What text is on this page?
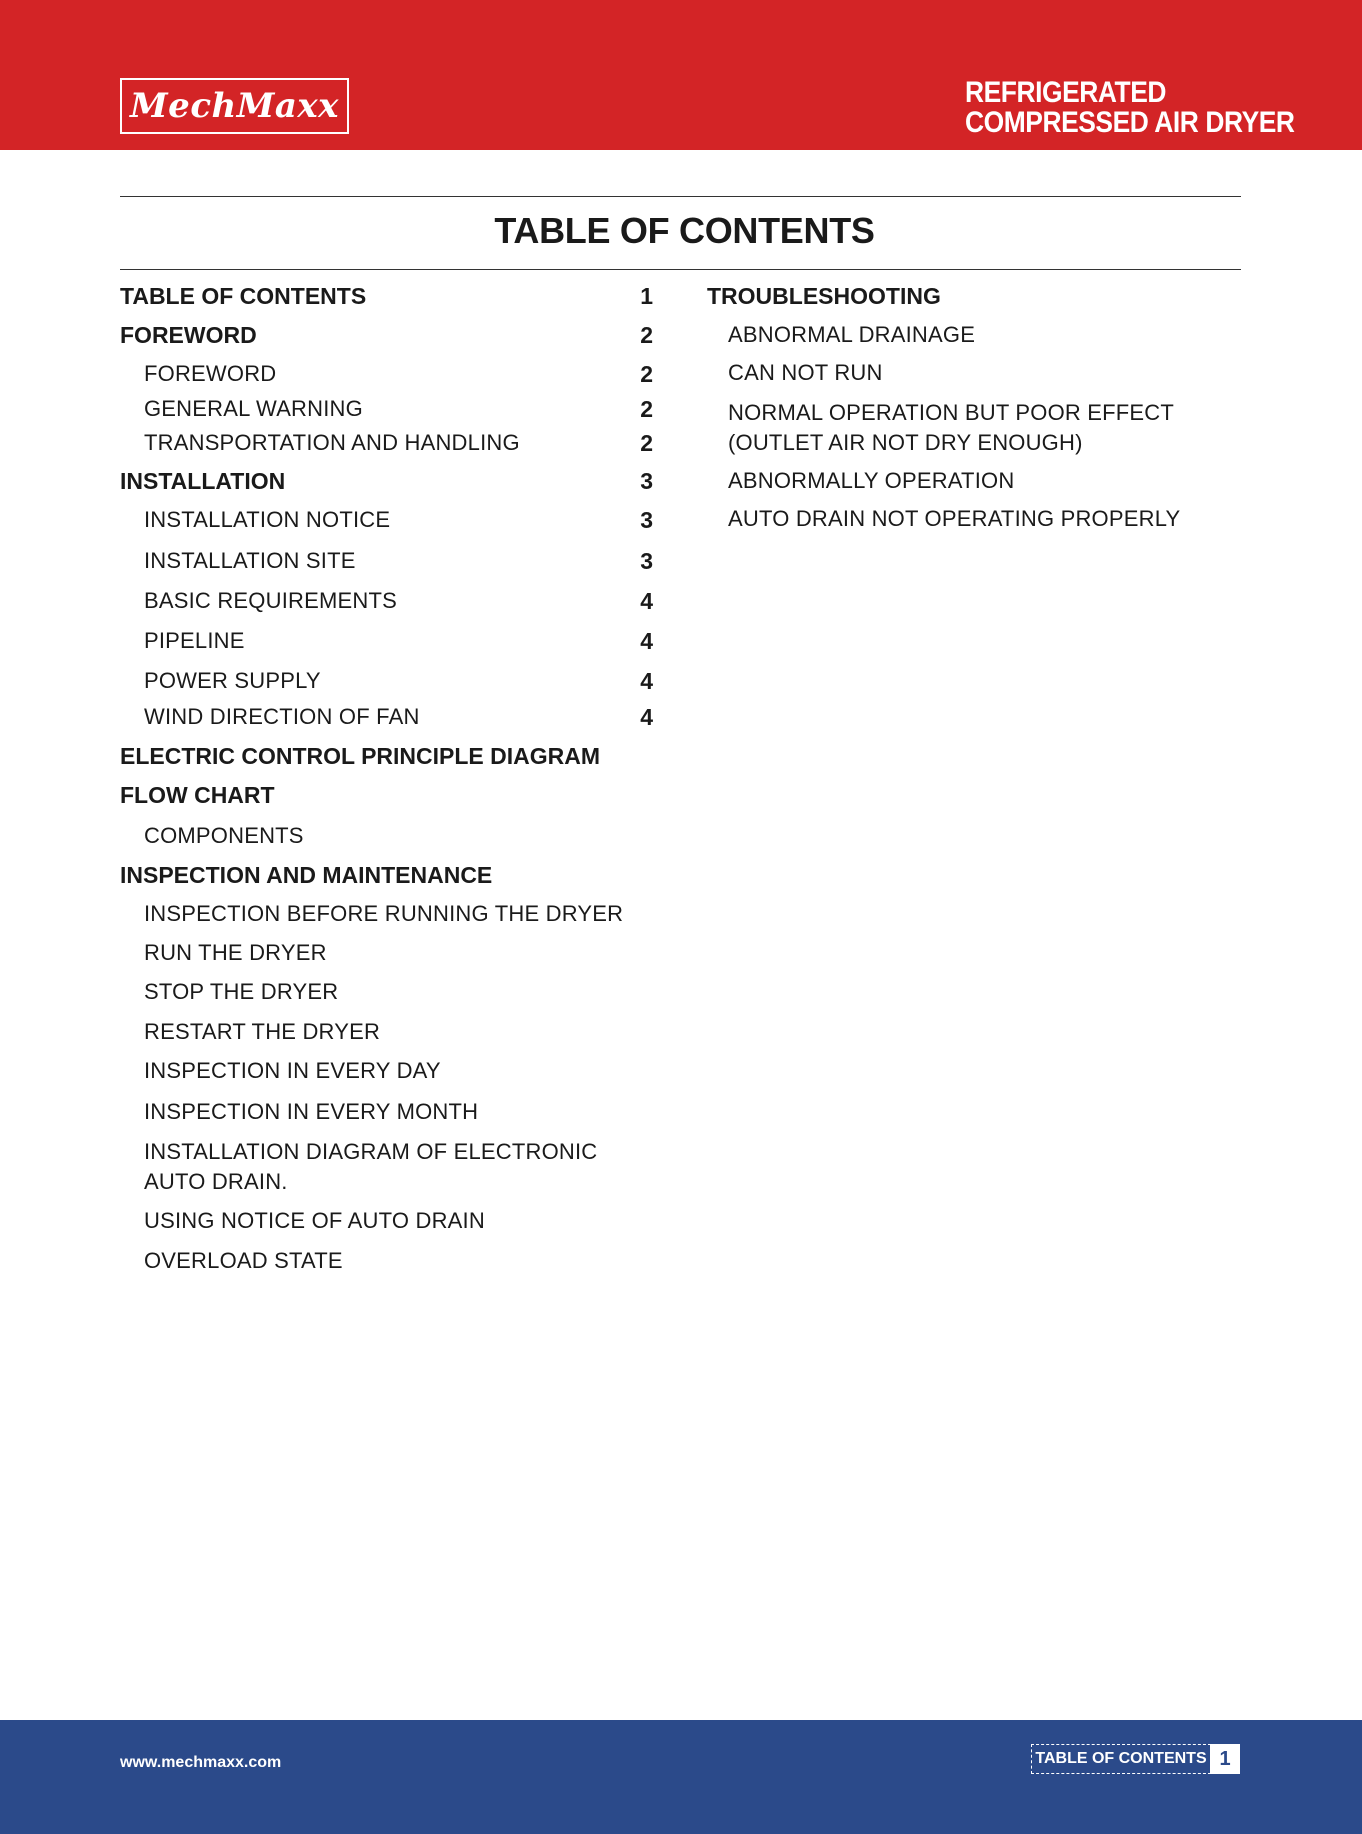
MechMaxx	REFRIGERATED
COMPRESSED AIR DRYER
TABLE OF CONTENTS
TABLE OF CONTENTS	1
FOREWORD	2
FOREWORD	2
GENERAL WARNING	2
TRANSPORTATION AND HANDLING	2
INSTALLATION	3
INSTALLATION NOTICE	3
INSTALLATION SITE	3
BASIC REQUIREMENTS	4
PIPELINE	4
POWER SUPPLY	4
WIND DIRECTION OF FAN	4
ELECTRIC CONTROL PRINCIPLE DIAGRAM
FLOW CHART
COMPONENTS
INSPECTION AND MAINTENANCE
INSPECTION BEFORE RUNNING THE DRYER
RUN THE DRYER
STOP THE DRYER
RESTART THE DRYER
INSPECTION IN EVERY DAY
INSPECTION IN EVERY MONTH
INSTALLATION DIAGRAM OF ELECTRONIC AUTO DRAIN.
USING NOTICE OF AUTO DRAIN
OVERLOAD STATE
TROUBLESHOOTING
ABNORMAL DRAINAGE
CAN NOT RUN
NORMAL OPERATION BUT POOR EFFECT (OUTLET AIR NOT DRY ENOUGH)
ABNORMALLY OPERATION
AUTO DRAIN NOT OPERATING PROPERLY
www.mechmaxx.com	TABLE OF CONTENTS 1
